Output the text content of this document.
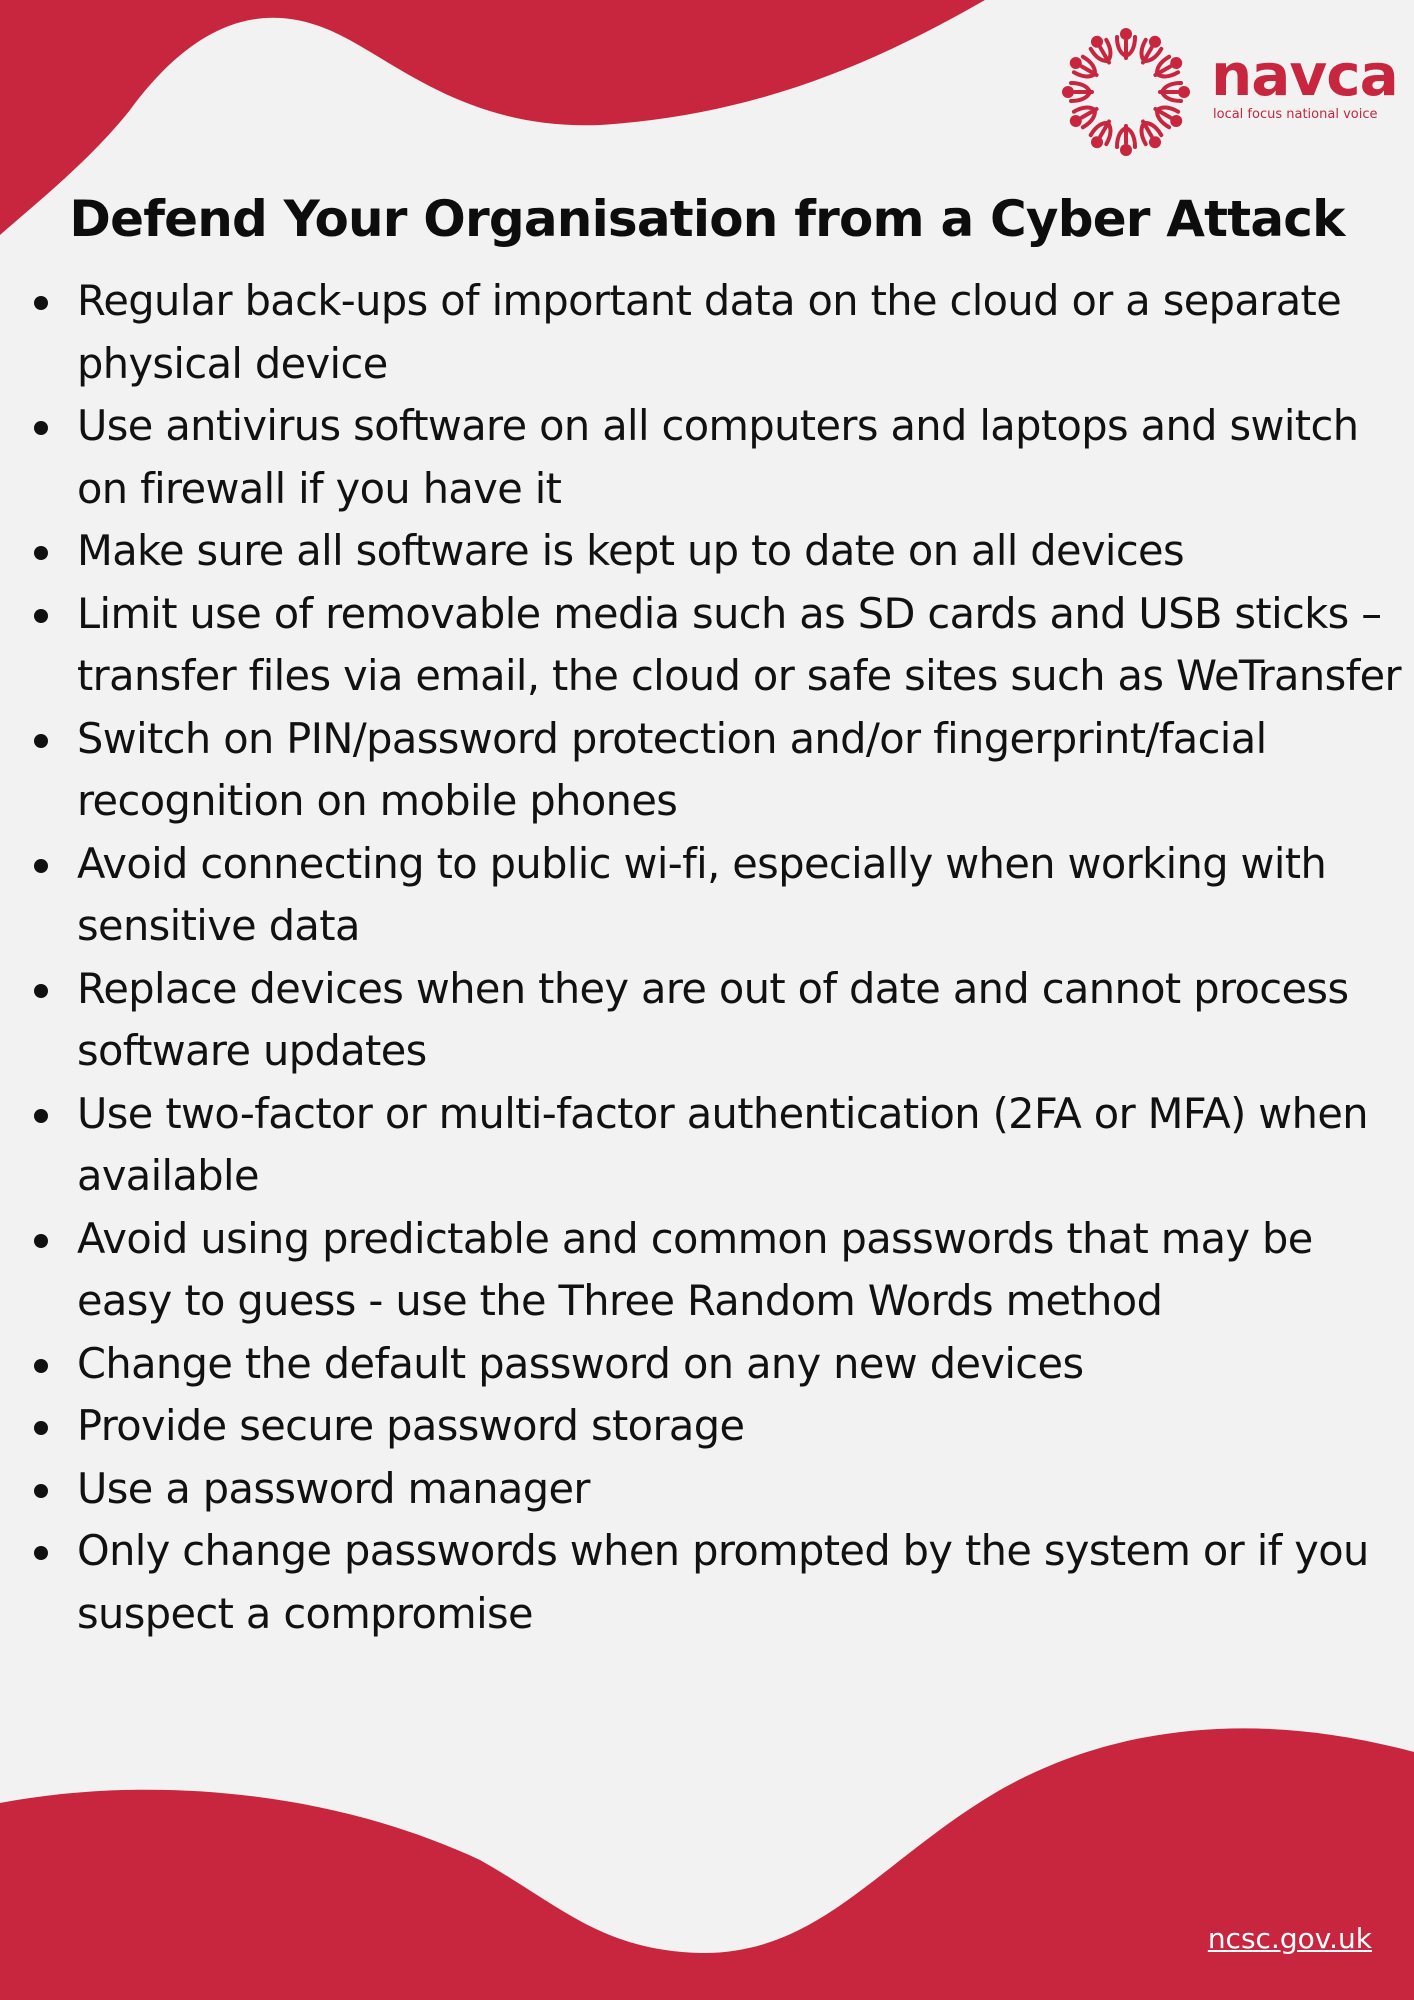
navca
local focus national voice
Defend Your Organisation from a Cyber Attack
Regular back-ups of important data on the cloud or a separate physical device
Use antivirus software on all computers and laptops and switch on firewall if you have it
Make sure all software is kept up to date on all devices
Limit use of removable media such as SD cards and USB sticks – transfer files via email, the cloud or safe sites such as WeTransfer
Switch on PIN/password protection and/or fingerprint/facial recognition on mobile phones
Avoid connecting to public wi-fi, especially when working with sensitive data
Replace devices when they are out of date and cannot process software updates
Use two-factor or multi-factor authentication (2FA or MFA) when available
Avoid using predictable and common passwords that may be easy to guess - use the Three Random Words method
Change the default password on any new devices
Provide secure password storage
Use a password manager
Only change passwords when prompted by the system or if you suspect a compromise
ncsc.gov.uk
